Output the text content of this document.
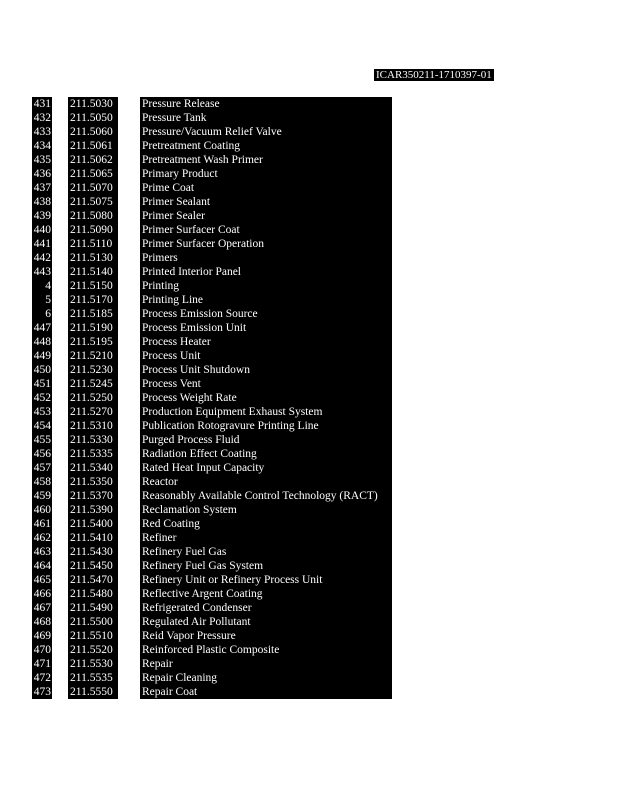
ICAR350211-1710397-01
431 211.5030	Pressure Release
432 211.5050	Pressure Tank
433 211.5060	Pressure/Vacuum Relief Valve
434 211.5061	Pretreatment Coating
435 211.5062	Pretreatment Wash Primer
436 211.5065	Primary Product
437 211.5070	Prime Coat
438 211.5075	Primer Sealant
439 211.5080	Primer Sealer
440 211.5090	Primer Surfacer Coat
441 211.5110	Primer Surfacer Operation
442 211.5130	Primers
443 211.5140	Printed Interior Panel
4 211.5150	Printing
5 211.5170	Printing Line
6 211.5185	Process Emission Source
447 211.5190	Process Emission Unit
448 211.5195	Process Heater
449 211.5210	Process Unit
450 211.5230	Process Unit Shutdown
451 211.5245	Process Vent
452 211.5250	Process Weight Rate
453 211.5270	Production Equipment Exhaust System
454 211.5310	Publication Rotogravure Printing Line
455 211.5330	Purged Process Fluid
456 211.5335	Radiation Effect Coating
457 211.5340	Rated Heat Input Capacity
458 211.5350	Reactor
459 211.5370	Reasonably Available Control Technology (RACT)
460 211.5390	Reclamation System
461 211.5400	Red Coating
462 211.5410	Refiner
463 211.5430	Refinery Fuel Gas
464 211.5450	Refinery Fuel Gas System
465 211.5470	Refinery Unit or Refinery Process Unit
466 211.5480	Reflective Argent Coating
467 211.5490	Refrigerated Condenser
468 211.5500	Regulated Air Pollutant
469 211.5510	Reid Vapor Pressure
470 211.5520	Reinforced Plastic Composite
471 211.5530	Repair
472 211.5535	Repair Cleaning
473 211.5550	Repair Coat
